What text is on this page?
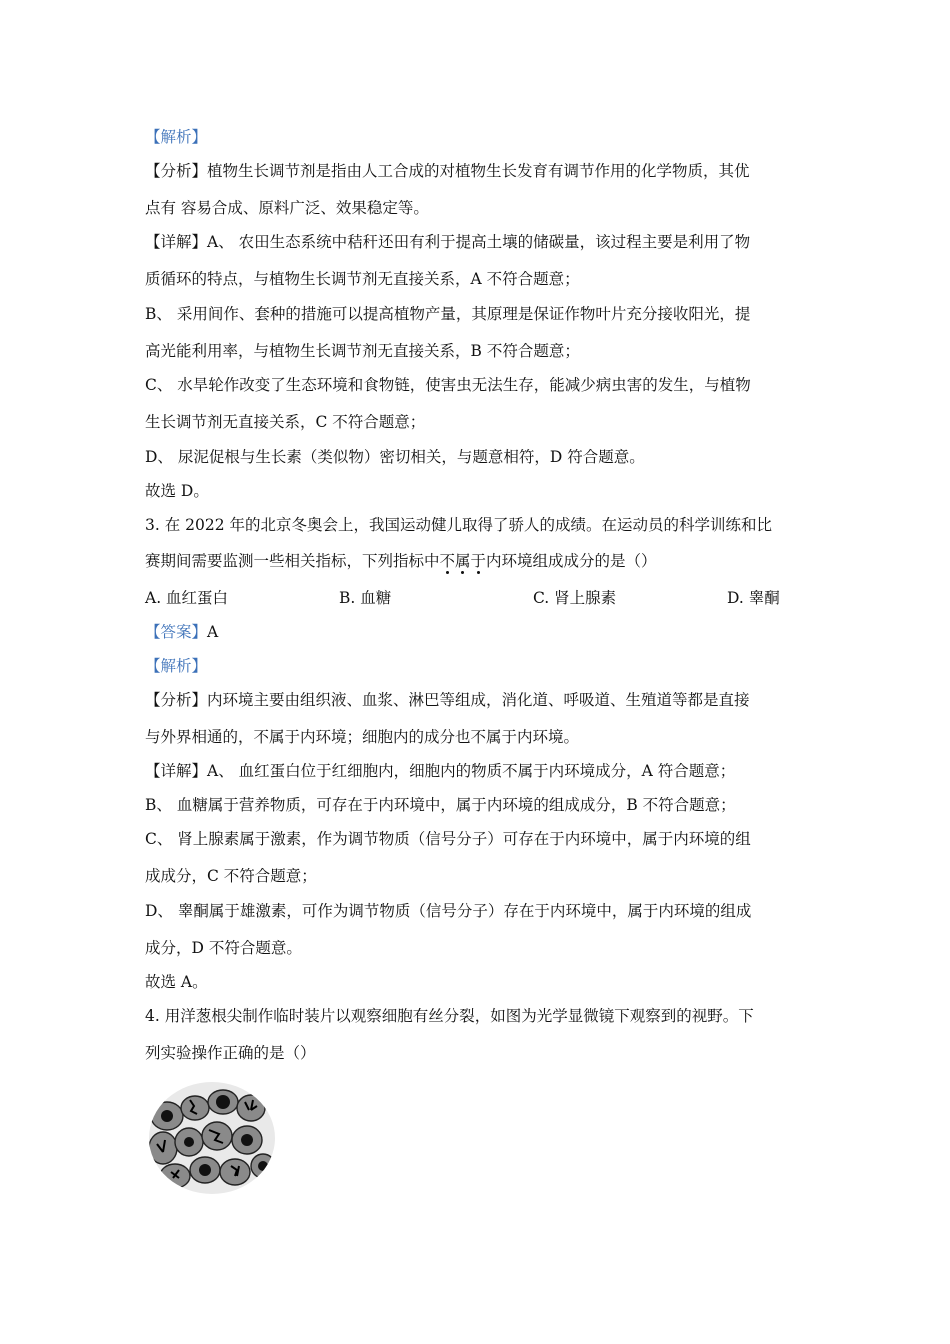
【解析】
【分析】植物生长调节剂是指由人工合成的对植物生长发育有调节作用的化学物质，其优
点有 容易合成、原料广泛、效果稳定等。
【详解】A、 农田生态系统中秸秆还田有利于提高土壤的储碳量，该过程主要是利用了物
质循环的特点，与植物生长调节剂无直接关系，A 不符合题意；
B、 采用间作、套种的措施可以提高植物产量，其原理是保证作物叶片充分接收阳光，提
高光能利用率，与植物生长调节剂无直接关系，B 不符合题意；
C、 水旱轮作改变了生态环境和食物链，使害虫无法生存，能减少病虫害的发生，与植物
生长调节剂无直接关系，C 不符合题意；
D、 尿泥促根与生长素（类似物）密切相关，与题意相符，D 符合题意。
故选 D。
3. 在 2022 年的北京冬奥会上，我国运动健儿取得了骄人的成绩。在运动员的科学训练和比
赛期间需要监测一些相关指标，下列指标中不属于
内环境组成成分的是（）
A. 血红蛋白	B. 血糖	C. 肾上腺素	D. 睾酮
【答案】A
【解析】
【分析】内环境主要由组织液、血浆、淋巴等组成，消化道、呼吸道、生殖道等都是直接
与外界相通的，不属于内环境；细胞内的成分也不属于内环境。
【详解】A、 血红蛋白位于红细胞内，细胞内的物质不属于内环境成分，A 符合题意；
B、 血糖属于营养物质，可存在于内环境中，属于内环境的组成成分，B 不符合题意；
C、 肾上腺素属于激素，作为调节物质（信号分子）可存在于内环境中，属于内环境的组
成成分，C 不符合题意；
D、 睾酮属于雄激素，可作为调节物质（信号分子）存在于内环境中，属于内环境的组成
成分，D 不符合题意。
故选 A。
4. 用洋葱根尖制作临时装片以观察细胞有丝分裂，如图为光学显微镜下观察到的视野。下
列实验操作正确的是（）
